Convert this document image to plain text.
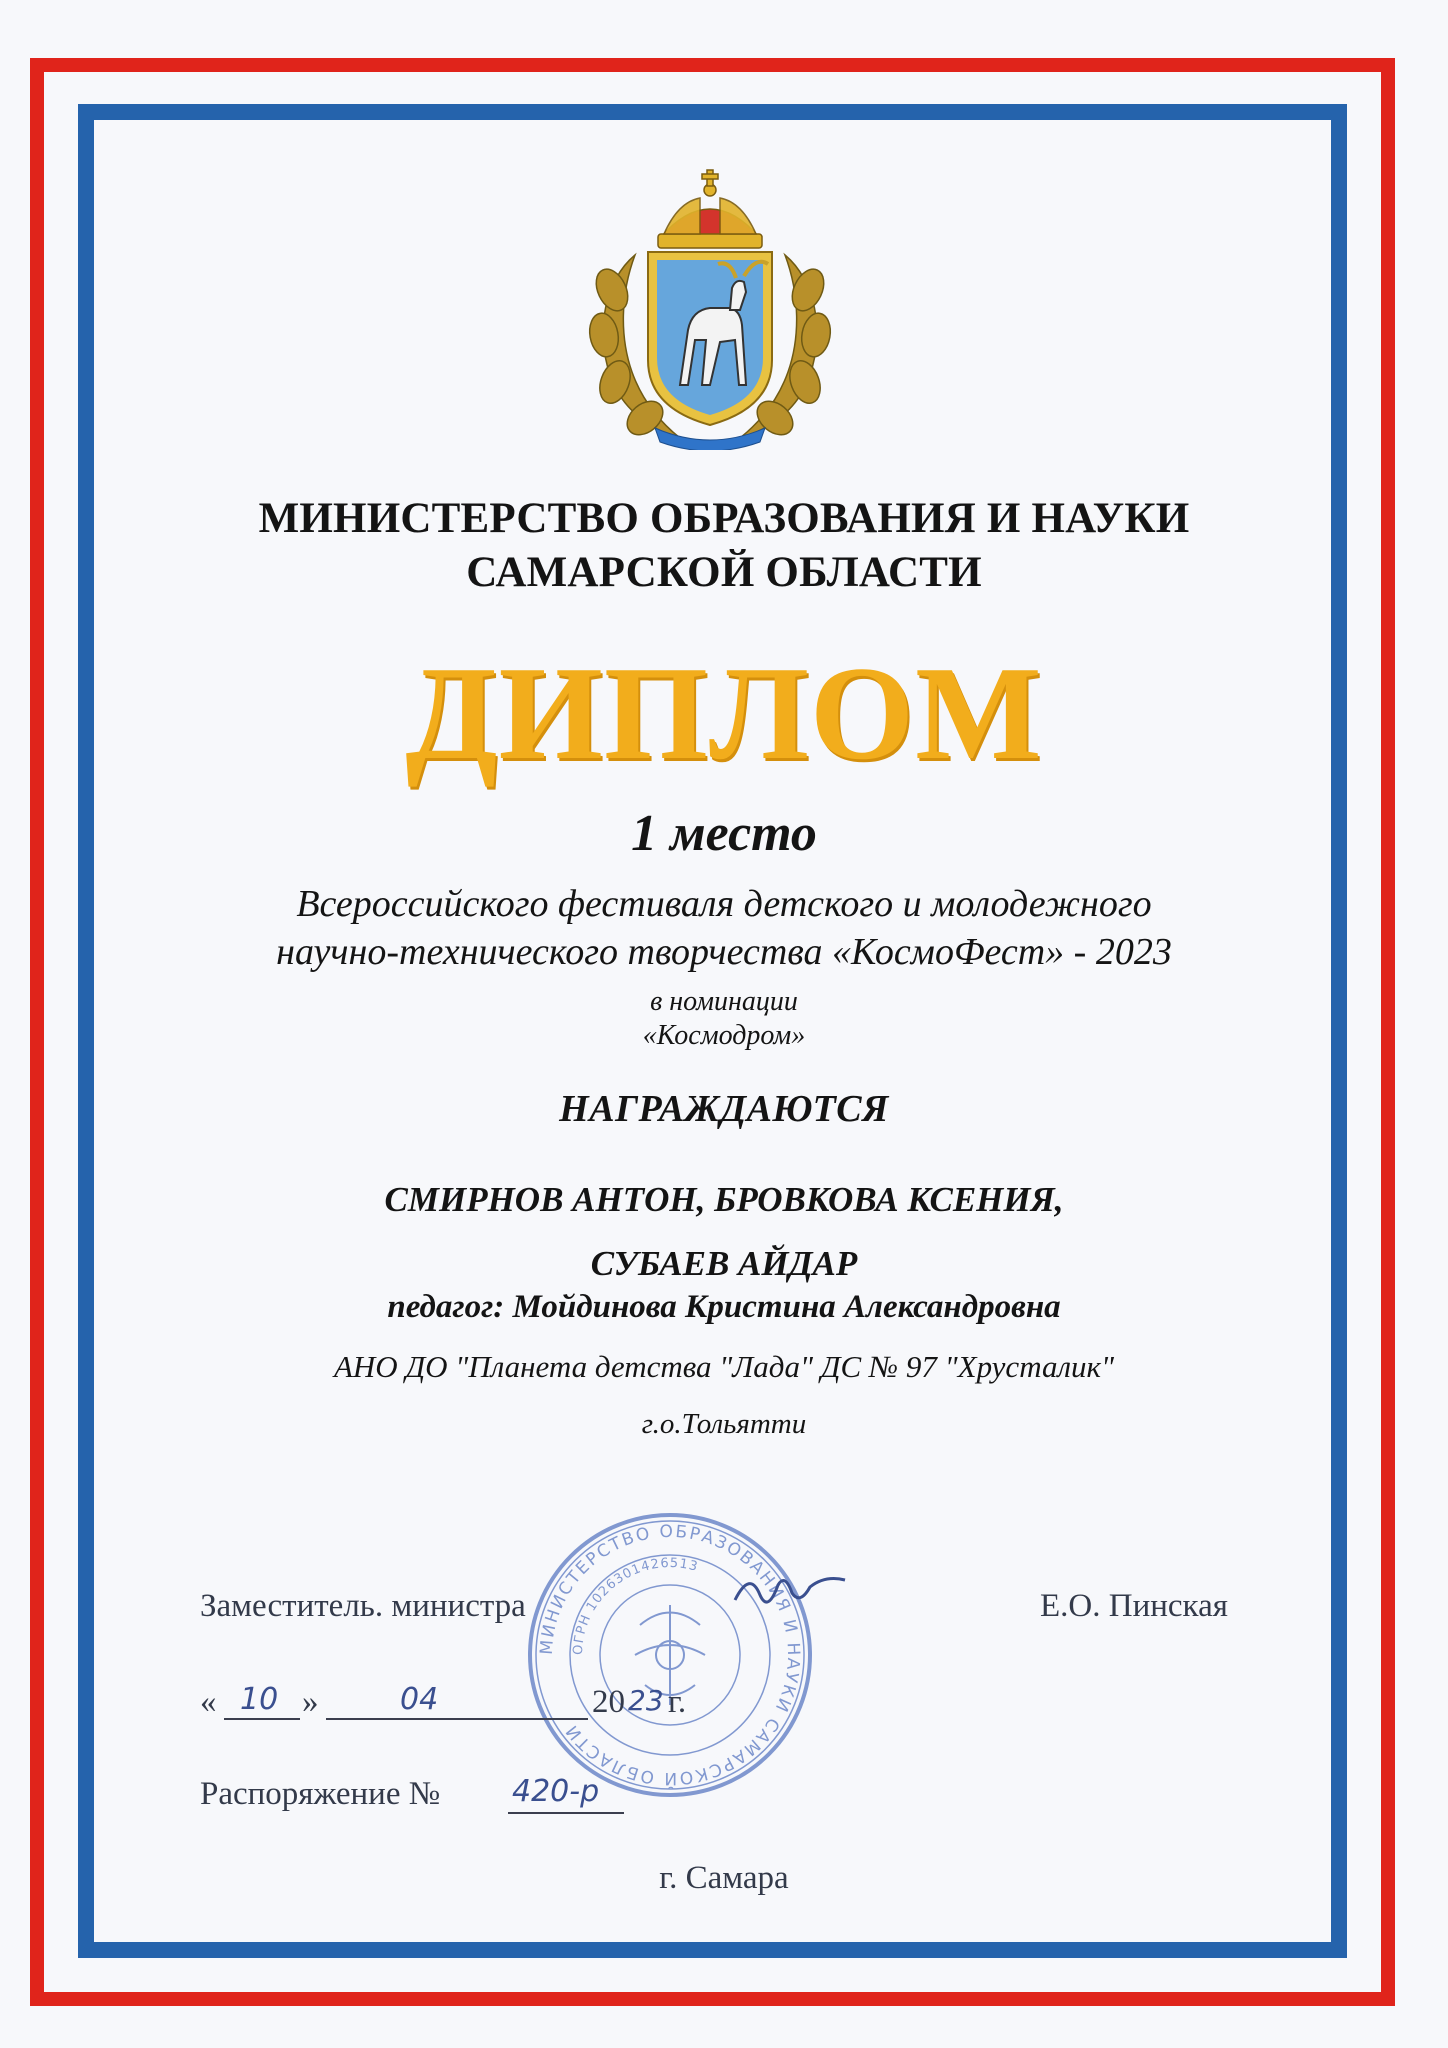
МИНИСТЕРСТВО ОБРАЗОВАНИЯ И НАУКИ
САМАРСКОЙ ОБЛАСТИ
ДИПЛОМ
1 место
Всероссийского фестиваля детского и молодежного
научно-технического творчества «КосмоФест» - 2023
в номинации
«Космодром»
НАГРАЖДАЮТСЯ
СМИРНОВ АНТОН, БРОВКОВА КСЕНИЯ,
СУБАЕВ АЙДАР
педагог: Мойдинова Кристина Александровна
АНО ДО "Планета детства "Лада" ДС № 97 "Хрусталик"
г.о.Тольятти
МИНИСТЕРСТВО ОБРАЗОВАНИЯ И НАУКИ САМАРСКОЙ ОБЛАСТИ
ОГРН 1026301426513
Заместитель. министра	Е.О. Пинская
« 10 »	04	20 23 г.
Распоряжение № 420-р
г. Самара
